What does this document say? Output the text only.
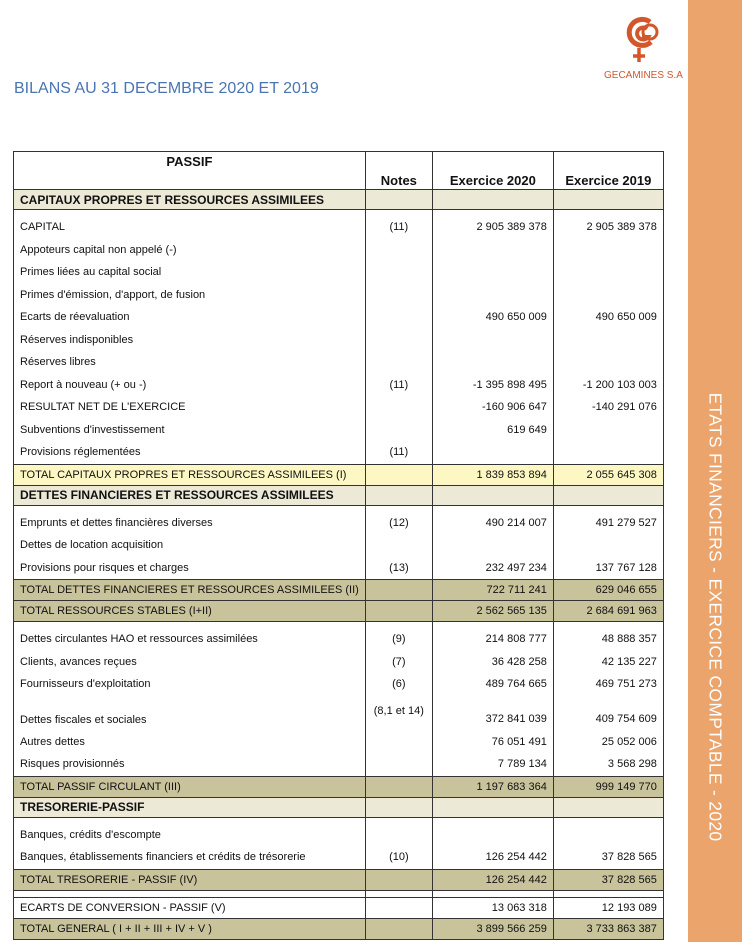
ETATS FINANCIERS - EXERCICE COMPTABLE - 2020
GECAMINES S.A
BILANS AU 31 DECEMBRE 2020 ET 2019
PASSIF	Notes	Exercice 2020	Exercice 2019
CAPITAUX PROPRES ET RESSOURCES ASSIMILEES			

CAPITAL	(11)	2 905 389 378	2 905 389 378
Appoteurs capital non appelé (-)			
Primes liées au capital social			
Primes d'émission, d'apport, de fusion			
Ecarts de réevaluation		490 650 009	490 650 009
Réserves indisponibles			
Réserves libres			
Report à nouveau (+ ou -)	(11)	-1 395 898 495	-1 200 103 003
RESULTAT NET DE L'EXERCICE		-160 906 647	-140 291 076
Subventions d'investissement		619 649	
Provisions réglementées	(11)		
TOTAL CAPITAUX PROPRES ET RESSOURCES ASSIMILEES (I)		1 839 853 894	2 055 645 308
DETTES FINANCIERES ET RESSOURCES ASSIMILEES			

Emprunts et dettes financières diverses	(12)	490 214 007	491 279 527
Dettes de location acquisition			
Provisions pour risques et charges	(13)	232 497 234	137 767 128
TOTAL DETTES FINANCIERES ET RESSOURCES ASSIMILEES (II)		722 711 241	629 046 655
TOTAL RESSOURCES STABLES (I+II)		2 562 565 135	2 684 691 963

Dettes circulantes HAO et ressources assimilées	(9)	214 808 777	48 888 357
Clients, avances reçues	(7)	36 428 258	42 135 227
Fournisseurs d'exploitation	(6)	489 764 665	469 751 273
Dettes fiscales et sociales	(8,1 et 14)	372 841 039	409 754 609
Autres dettes		76 051 491	25 052 006
Risques provisionnés		7 789 134	3 568 298
TOTAL PASSIF CIRCULANT (III)		1 197 683 364	999 149 770
TRESORERIE-PASSIF			

Banques, crédits d'escompte			
Banques, établissements financiers et crédits de trésorerie	(10)	126 254 442	37 828 565
TOTAL TRESORERIE - PASSIF (IV)		126 254 442	37 828 565

ECARTS DE CONVERSION - PASSIF (V)		13 063 318	12 193 089
TOTAL GENERAL ( I + II + III + IV + V )		3 899 566 259	3 733 863 387
